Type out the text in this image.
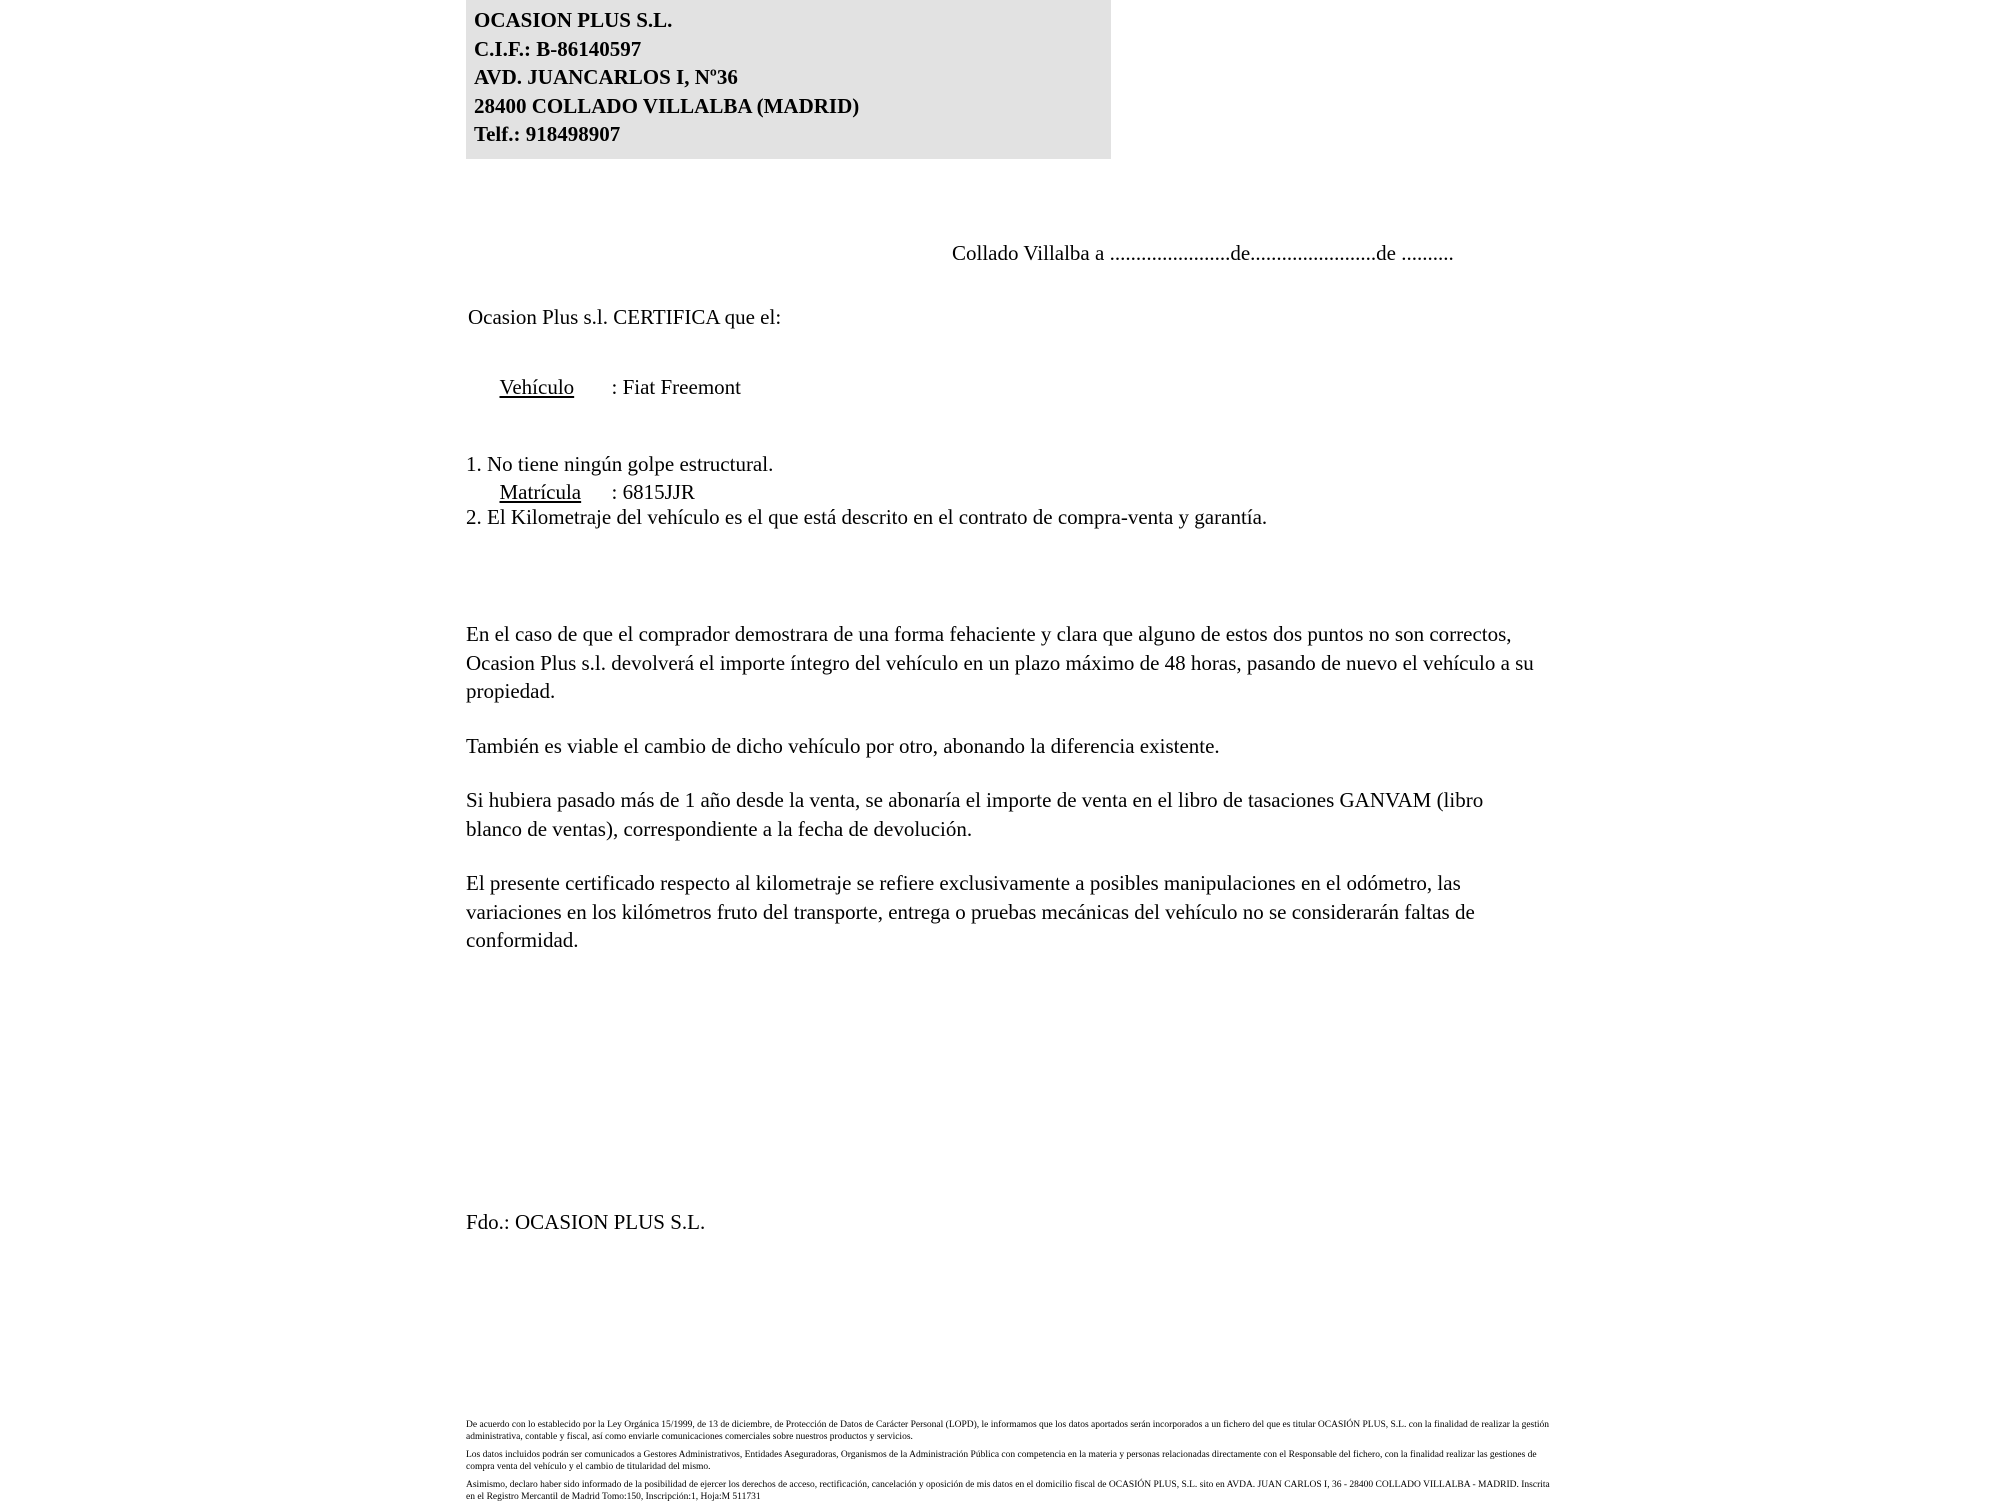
OCASION PLUS S.L.
C.I.F.: B-86140597
AVD. JUANCARLOS I, Nº36
28400 COLLADO VILLALBA (MADRID)
Telf.: 918498907
Collado Villalba a .......................de........................de ..........
Ocasion Plus s.l. CERTIFICA que el:

Vehículo : Fiat Freemont

Matrícula : 6815JJR

1. No tiene ningún golpe estructural.
2. El Kilometraje del vehículo es el que está descrito en el contrato de compra-venta y garantía.

En el caso de que el comprador demostrara de una forma fehaciente y clara que alguno de estos dos puntos no son correctos, Ocasion Plus s.l. devolverá el importe íntegro del vehículo en un plazo máximo de 48 horas, pasando de nuevo el vehículo a su propiedad.

También es viable el cambio de dicho vehículo por otro, abonando la diferencia existente.

Si hubiera pasado más de 1 año desde la venta, se abonaría el importe de venta en el libro de tasaciones GANVAM (libro blanco de ventas), correspondiente a la fecha de devolución.

El presente certificado respecto al kilometraje se refiere exclusivamente a posibles manipulaciones en el odómetro, las variaciones en los kilómetros fruto del transporte, entrega o pruebas mecánicas del vehículo no se considerarán faltas de conformidad.

Fdo.: OCASION PLUS S.L.

De acuerdo con lo establecido por la Ley Orgánica 15/1999, de 13 de diciembre, de Protección de Datos de Carácter Personal (LOPD), le informamos que los datos aportados serán incorporados a un fichero del que es titular OCASIÓN PLUS, S.L. con la finalidad de realizar la gestión administrativa, contable y fiscal, así como enviarle comunicaciones comerciales sobre nuestros productos y servicios.

Los datos incluidos podrán ser comunicados a Gestores Administrativos, Entidades Aseguradoras, Organismos de la Administración Pública con competencia en la materia y personas relacionadas directamente con el Responsable del fichero, con la finalidad realizar las gestiones de compra venta del vehículo y el cambio de titularidad del mismo.

Asimismo, declaro haber sido informado de la posibilidad de ejercer los derechos de acceso, rectificación, cancelación y oposición de mis datos en el domicilio fiscal de OCASIÓN PLUS, S.L. sito en AVDA. JUAN CARLOS I, 36 - 28400 COLLADO VILLALBA - MADRID. Inscrita en el Registro Mercantil de Madrid Tomo:150, Inscripción:1, Hoja:M 511731
